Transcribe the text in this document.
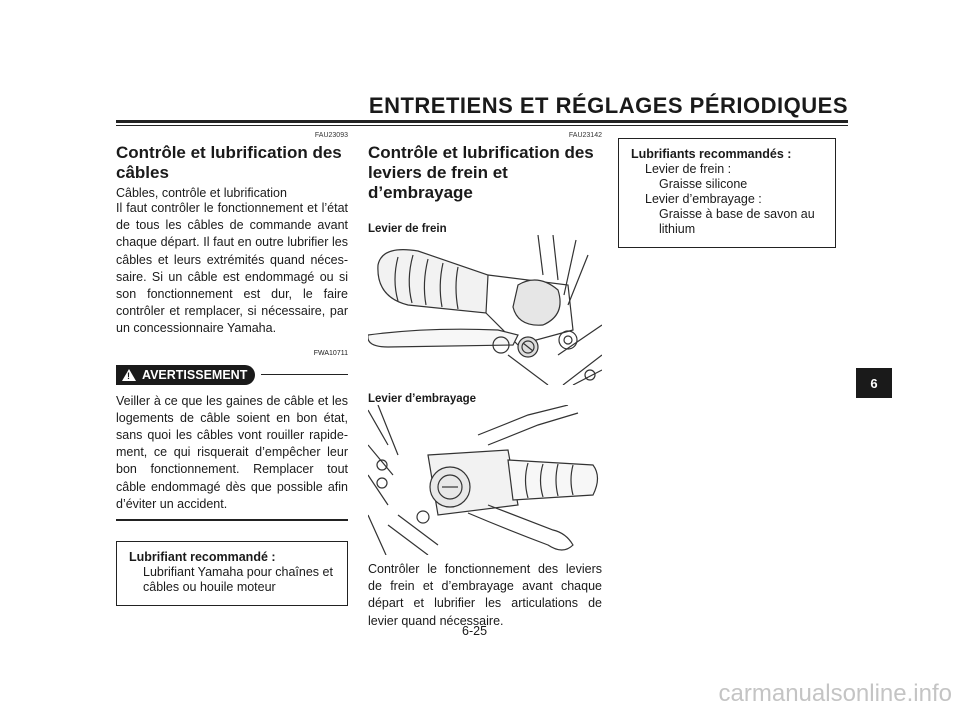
ENTRETIENS ET RÉGLAGES PÉRIODIQUES
FAU23093
Contrôle et lubrification des câbles
Câbles, contrôle et lubrification

Il faut contrôler le fonctionnement et l’état de tous les câbles de commande avant chaque départ. Il faut en outre lubrifier les câbles et leurs extrémités quand néces-saire. Si un câble est endommagé ou si son fonctionnement est dur, le faire contrôler et remplacer, si nécessaire, par un concessionnaire Yamaha.

FWA10711
! AVERTISSEMENT

Veiller à ce que les gaines de câble et les logements de câble soient en bon état, sans quoi les câbles vont rouiller rapide-ment, ce qui risquerait d’empêcher leur bon fonctionnement. Remplacer tout câble endommagé dès que possible afin d’éviter un accident.

Lubrifiant recommandé :
Lubrifiant Yamaha pour chaînes et
câbles ou houile moteur
FAU23142
Contrôle et lubrification des leviers de frein et d’embrayage
Levier de frein
Levier d’embrayage

Contrôler le fonctionnement des leviers de frein et d’embrayage avant chaque départ et lubrifier les articulations de levier quand nécessaire.

Lubrifiants recommandés :
Levier de frein :
Graisse silicone
Levier d’embrayage :
Graisse à base de savon au
lithium
6
6-25
carmanualsonline.info
